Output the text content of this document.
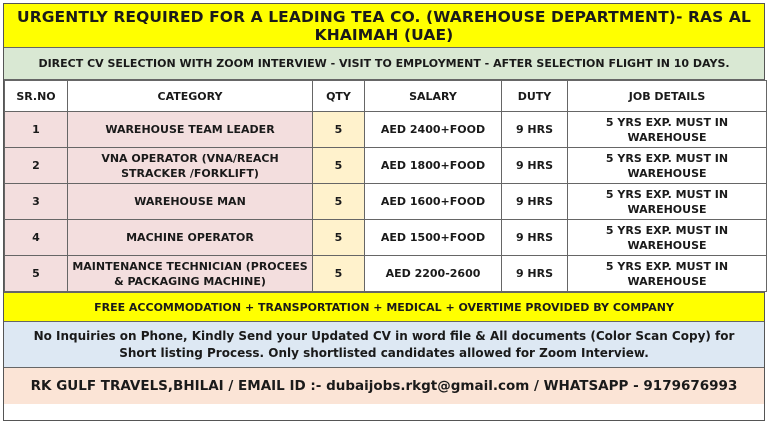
URGENTLY REQUIRED FOR A LEADING TEA CO. (WAREHOUSE DEPARTMENT)- RAS AL KHAIMAH (UAE)
DIRECT CV SELECTION WITH ZOOM INTERVIEW - VISIT TO EMPLOYMENT - AFTER SELECTION FLIGHT IN 10 DAYS.
SR.NO	CATEGORY	QTY	SALARY	DUTY	JOB DETAILS
1	WAREHOUSE TEAM LEADER	5	AED 2400+FOOD	9 HRS	5 YRS EXP. MUST IN WAREHOUSE
2	VNA OPERATOR (VNA/REACH STRACKER /FORKLIFT)	5	AED 1800+FOOD	9 HRS	5 YRS EXP. MUST IN WAREHOUSE
3	WAREHOUSE MAN	5	AED 1600+FOOD	9 HRS	5 YRS EXP. MUST IN WAREHOUSE
4	MACHINE OPERATOR	5	AED 1500+FOOD	9 HRS	5 YRS EXP. MUST IN WAREHOUSE
5	MAINTENANCE TECHNICIAN (PROCEES & PACKAGING MACHINE)	5	AED 2200-2600	9 HRS	5 YRS EXP. MUST IN WAREHOUSE
FREE ACCOMMODATION + TRANSPORTATION + MEDICAL + OVERTIME PROVIDED BY COMPANY
No Inquiries on Phone, Kindly Send your Updated CV in word file & All documents (Color Scan Copy) for Short listing Process. Only shortlisted candidates allowed for Zoom Interview.
RK GULF TRAVELS,BHILAI / EMAIL ID :- dubaijobs.rkgt@gmail.com / WHATSAPP - 9179676993
